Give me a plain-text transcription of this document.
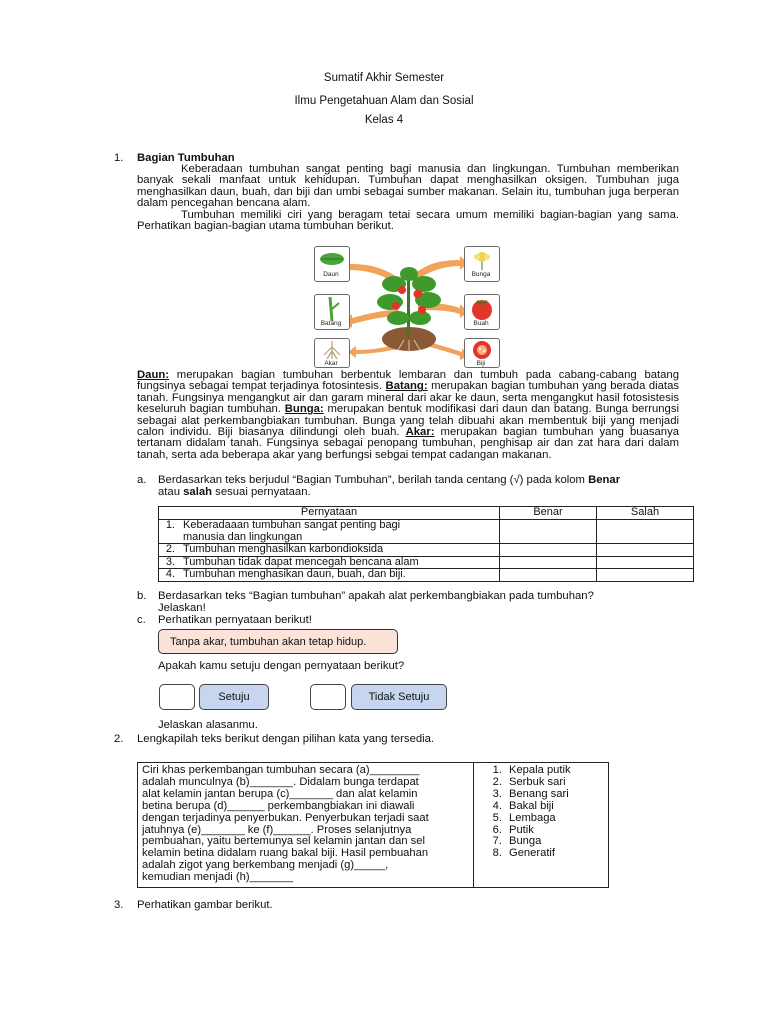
Sumatif Akhir Semester
Ilmu Pengetahuan Alam dan Sosial
Kelas 4
1.	Bagian Tumbuhan

Keberadaan tumbuhan sangat penting bagi manusia dan lingkungan. Tumbuhan memberikan banyak sekali manfaat untuk kehidupan. Tumbuhan dapat menghasilkan oksigen. Tumbuhan juga menghasilkan daun, buah, dan biji dan umbi sebagai sumber makanan. Selain itu, tumbuhan juga berperan dalam pencegahan bencana alam.

Tumbuhan memiliki ciri yang beragam tetai secara umum memiliki bagian-bagian yang sama. Perhatikan bagian-bagian utama tumbuhan berikut.

Daun	Bunga
Batang	Buah
Akar	Biji

Daun: merupakan bagian tumbuhan berbentuk lembaran dan tumbuh pada cabang-cabang batang fungsinya sebagai tempat terjadinya fotosintesis. Batang: merupakan bagian tumbuhan yang berada diatas tanah. Fungsinya mengangkut air dan garam mineral dari akar ke daun, serta mengangkut hasil fotosistesis keseluruh bagian tumbuhan. Bunga: merupakan bentuk modifikasi dari daun dan batang. Bunga berrungsi sebagai alat perkembangbiakan tumbuhan. Bunga yang telah dibuahi akan membentuk biji yang menjadi calon individu. Biji biasanya dilindungi oleh buah. Akar: merupakan bagian tumbuhan yang buasanya tertanam didalam tanah. Fungsinya sebagai penopang tumbuhan, penghisap air dan zat hara dari dalam tanah, serta ada beberapa akar yang berfungsi sebgai tempat cadangan makanan.

a. Berdasarkan teks berjudul “Bagian Tumbuhan”, berilah tanda centang (√) pada kolom Benar
atau salah sesuai pernyataan.
Pernyataan		Benar	Salah
1.	Keberadaaan tumbuhan sangat penting bagi
manusia dan lingkungan		
2.	Tumbuhan menghasilkan karbondioksida		
3.	Tumbuhan tidak dapat mencegah bencana alam		
4.	Tumbuhan menghasikan daun, buah, dan biji.		
b. Berdasarkan teks “Bagian tumbuhan” apakah alat perkembangbiakan pada tumbuhan?
Jelaskan!
c. Perhatikan pernyataan berikut!
Tanpa akar, tumbuhan akan tetap hidup.
Apakah kamu setuju dengan pernyataan berikut?
Setuju	Tidak Setuju
Jelaskan alasanmu.
2.	Lengkapilah teks berikut dengan pilihan kata yang tersedia.
Ciri khas perkembangan tumbuhan secara (a)________
adalah munculnya (b)_______. Didalam bunga terdapat
alat kelamin jantan berupa (c)_______ dan alat kelamin
betina berupa (d)______ perkembangbiakan ini diawali
dengan terjadinya penyerbukan. Penyerbukan terjadi saat
jatuhnya (e)_______ ke (f)______. Proses selanjutnya
pembuahan, yaitu bertemunya sel kelamin jantan dan sel
kelamin betina didalam ruang bakal biji. Hasil pembuahan
adalah zigot yang berkembang menjadi (g)_____,
kemudian menjadi (h)_______
1. Kepala putik
2. Serbuk sari
3. Benang sari
4. Bakal biji
5. Lembaga
6. Putik
7. Bunga
8. Generatif
3.	Perhatikan gambar berikut.
